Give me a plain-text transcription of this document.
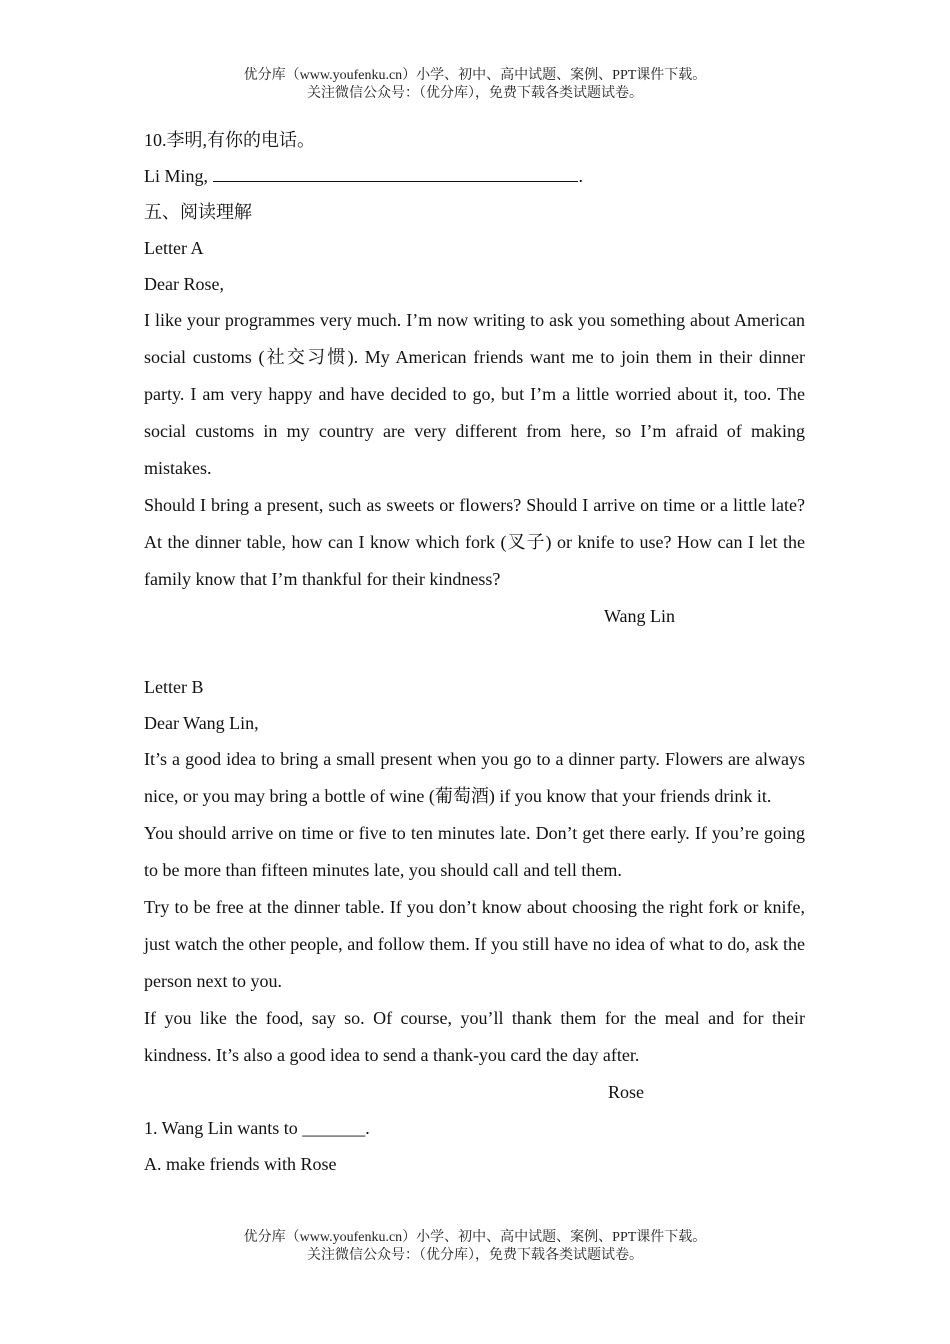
优分库（www.youfenku.cn）小学、初中、高中试题、案例、PPT课件下载。
关注微信公众号：（优分库），免费下载各类试题试卷。

10.李明,有你的电话。

Li Ming,	.

五、阅读理解

Letter A

Dear Rose,

I like your programmes very much. I’m now writing to ask you something about American social customs (社交习惯). My American friends want me to join them in their dinner party. I am very happy and have decided to go, but I’m a little worried about it, too. The social customs in my country are very different from here, so I’m afraid of making mistakes.

Should I bring a present, such as sweets or flowers? Should I arrive on time or a little late? At the dinner table, how can I know which fork (叉子) or knife to use? How can I let the family know that I’m thankful for their kindness?

Wang Lin

Letter B

Dear Wang Lin,

It’s a good idea to bring a small present when you go to a dinner party. Flowers are always nice, or you may bring a bottle of wine (葡萄酒) if you know that your friends drink it.

You should arrive on time or five to ten minutes late. Don’t get there early. If you’re going to be more than fifteen minutes late, you should call and tell them.

Try to be free at the dinner table. If you don’t know about choosing the right fork or knife, just watch the other people, and follow them. If you still have no idea of what to do, ask the person next to you.

If you like the food, say so. Of course, you’ll thank them for the meal and for their kindness. It’s also a good idea to send a thank-you card the day after.

Rose

1. Wang Lin wants to _______.

A. make friends with Rose

优分库（www.youfenku.cn）小学、初中、高中试题、案例、PPT课件下载。
关注微信公众号：（优分库），免费下载各类试题试卷。
